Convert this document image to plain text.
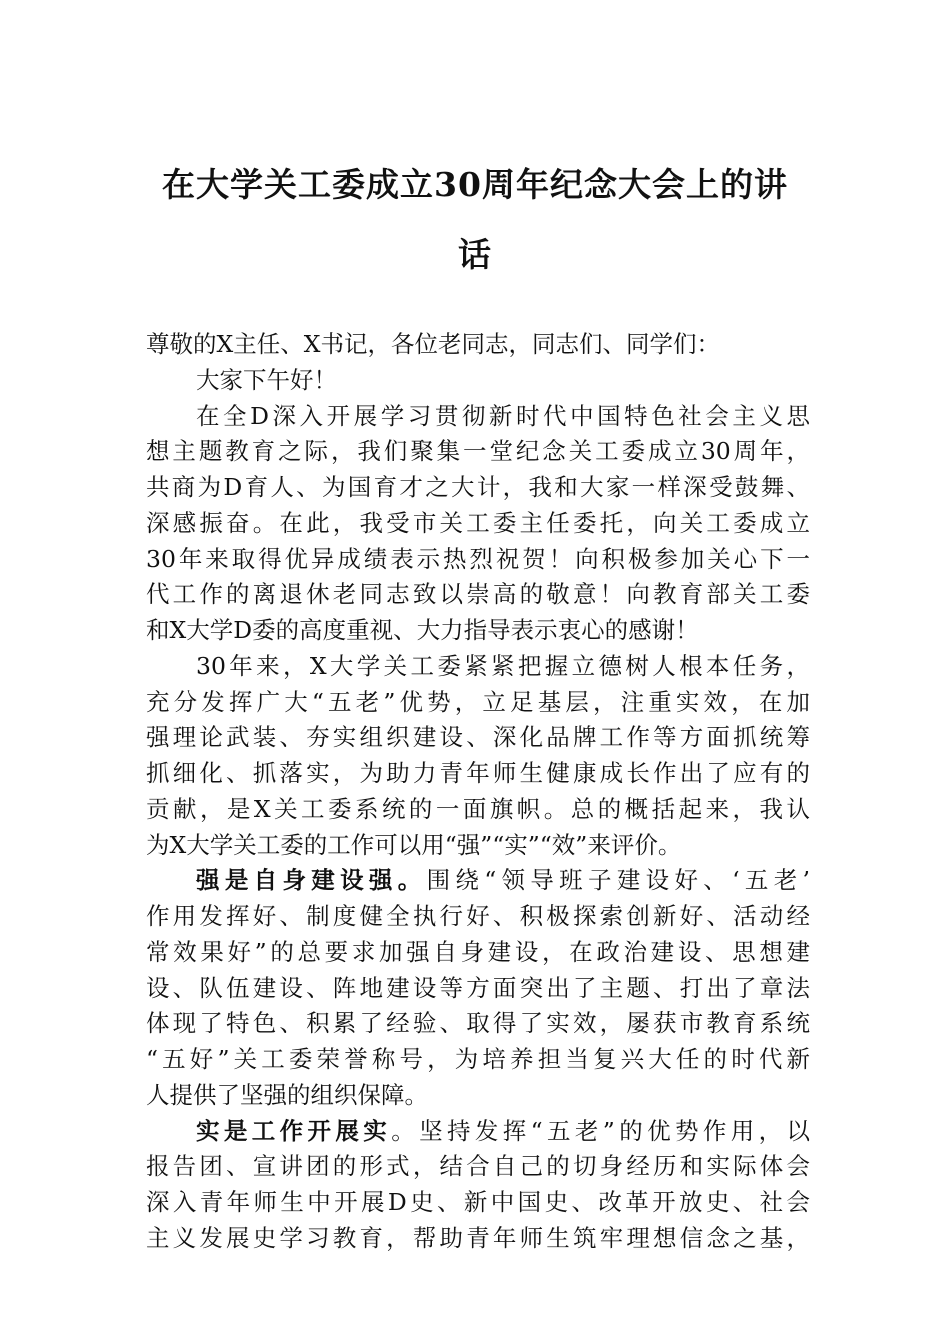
在大学关工委成立30周年纪念大会上的讲
话
尊敬的X主任、X书记，各位老同志，同志们、同学们：
大家下午好！
在全D深入开展学习贯彻新时代中国特色社会主义思
想主题教育之际，我们聚集一堂纪念关工委成立30周年，
共商为D育人、为国育才之大计，我和大家一样深受鼓舞、
深感振奋。在此，我受市关工委主任委托，向关工委成立
30年来取得优异成绩表示热烈祝贺！向积极参加关心下一
代工作的离退休老同志致以崇高的敬意！向教育部关工委
和X大学D委的高度重视、大力指导表示衷心的感谢！
30年来，X大学关工委紧紧把握立德树人根本任务，
充分发挥广大“五老”优势，立足基层，注重实效，在加
强理论武装、夯实组织建设、深化品牌工作等方面抓统筹
抓细化、抓落实，为助力青年师生健康成长作出了应有的
贡献，是X关工委系统的一面旗帜。总的概括起来，我认
为X大学关工委的工作可以用“强”“实”“效”来评价。
强是自身建设强。围绕“领导班子建设好、‘五老’
作用发挥好、制度健全执行好、积极探索创新好、活动经
常效果好”的总要求加强自身建设，在政治建设、思想建
设、队伍建设、阵地建设等方面突出了主题、打出了章法
体现了特色、积累了经验、取得了实效，屡获市教育系统
“五好”关工委荣誉称号，为培养担当复兴大任的时代新
人提供了坚强的组织保障。
实是工作开展实。坚持发挥“五老”的优势作用，以
报告团、宣讲团的形式，结合自己的切身经历和实际体会
深入青年师生中开展D史、新中国史、改革开放史、社会
主义发展史学习教育，帮助青年师生筑牢理想信念之基，
